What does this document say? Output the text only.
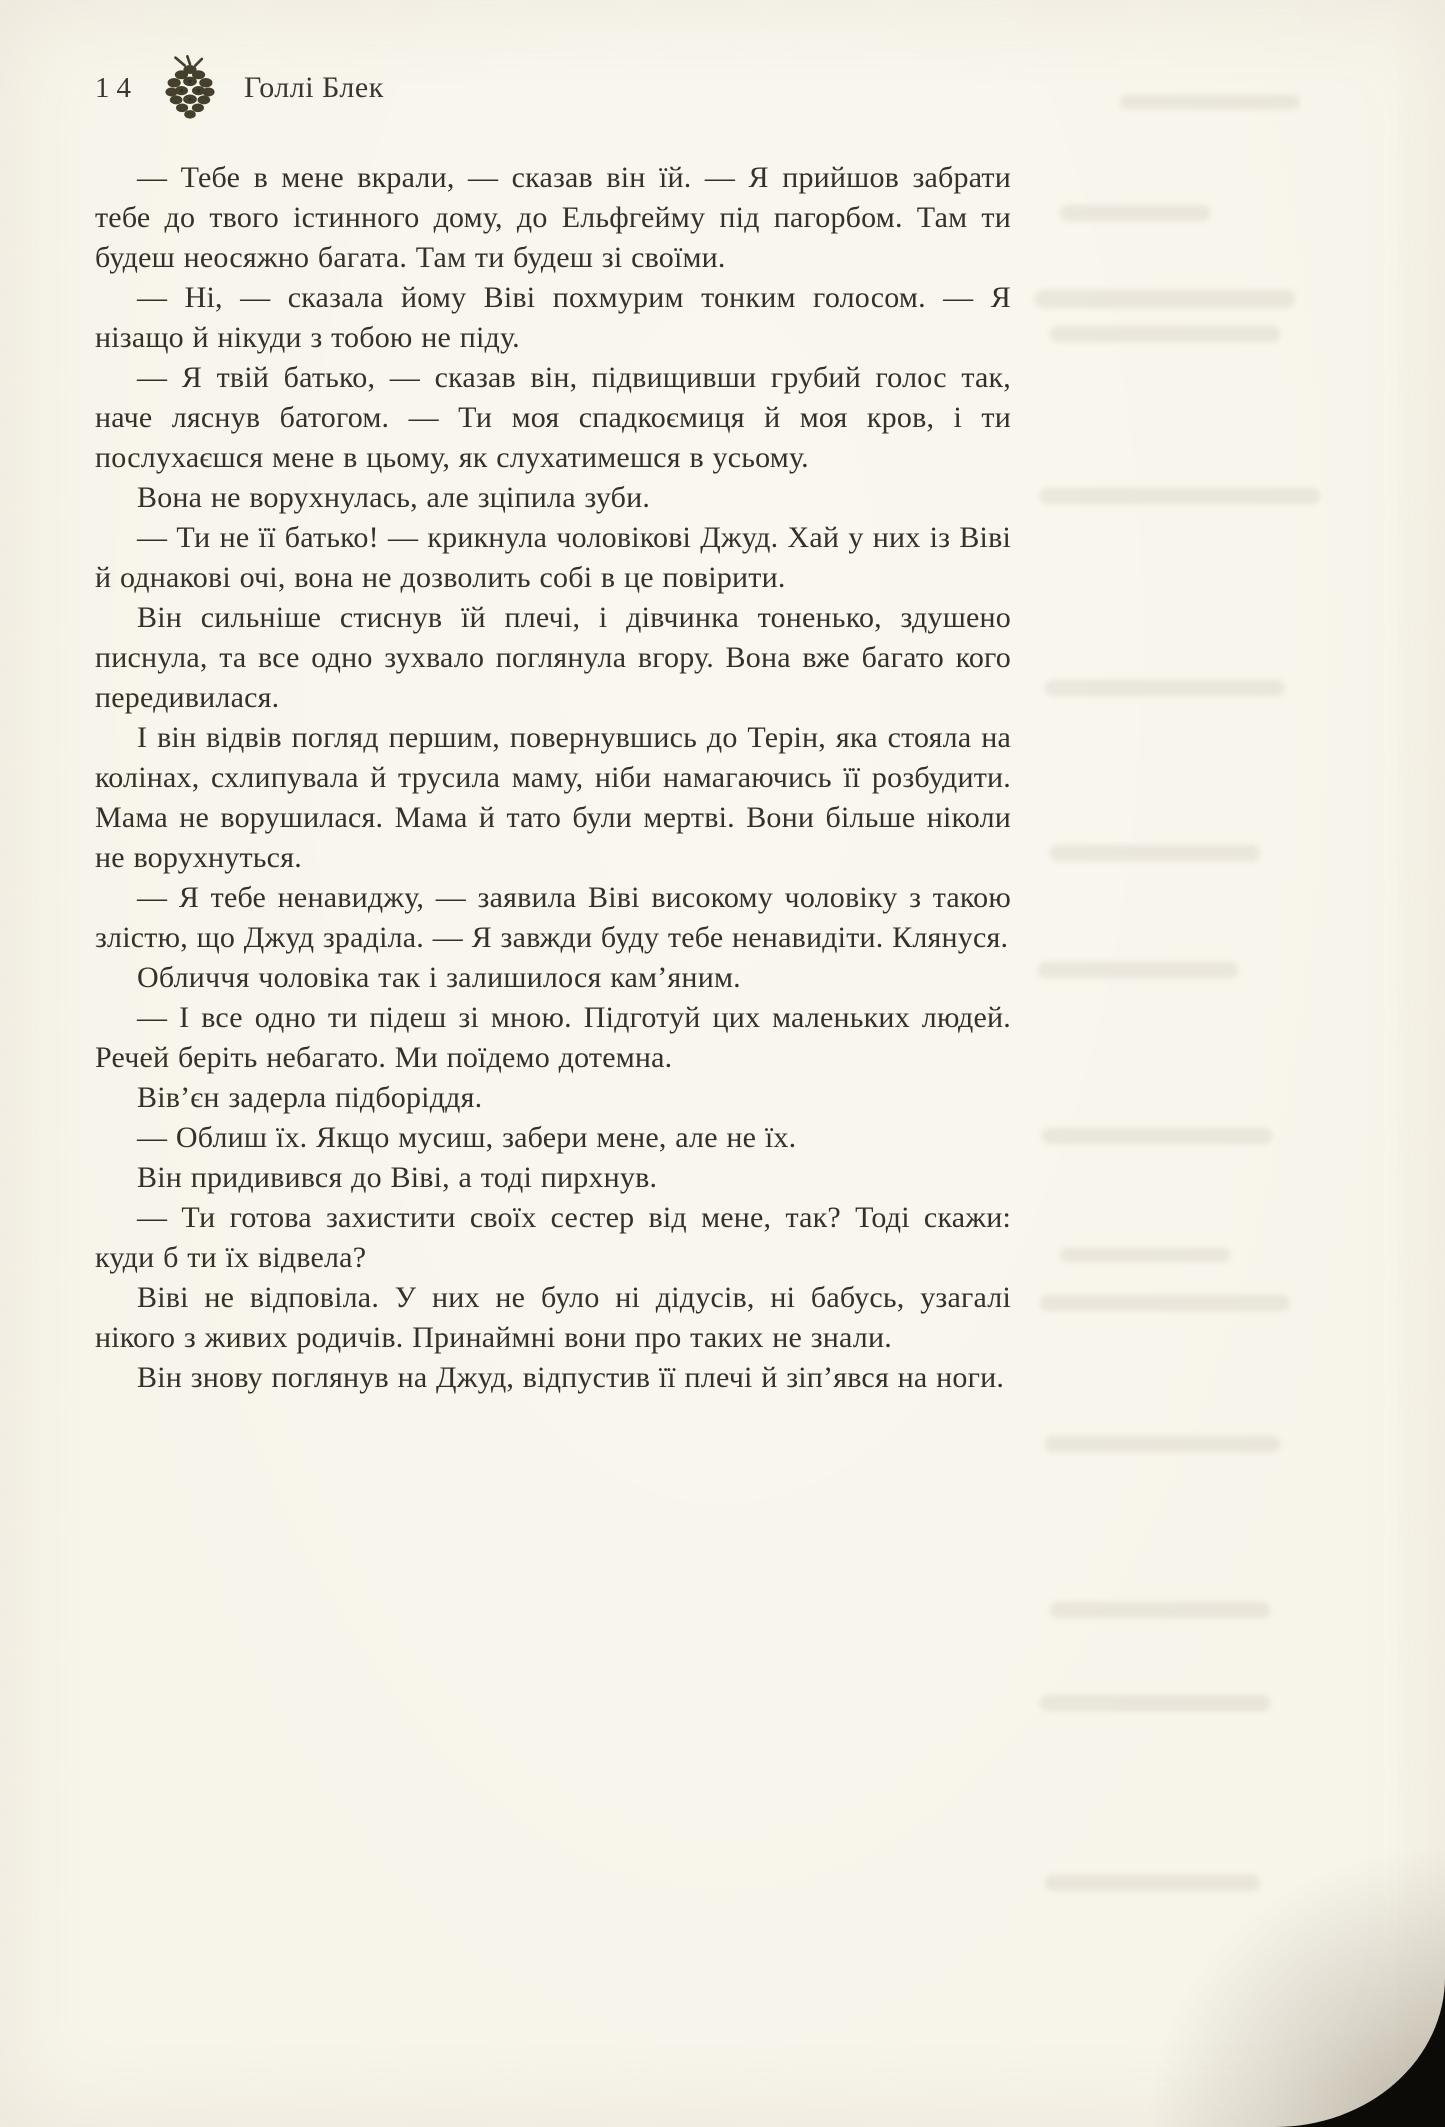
14	Голлі Блек

— Тебе в мене вкрали, — сказав він їй. — Я прийшов забрати тебе до твого істинного дому, до Ельфгейму під пагорбом. Там ти будеш неосяжно багата. Там ти будеш зі своїми.

— Ні, — сказала йому Віві похмурим тонким голосом. — Я нізащо й нікуди з тобою не піду.

— Я твій батько, — сказав він, підвищивши грубий голос так, наче ляснув батогом. — Ти моя спадкоємиця й моя кров, і ти послухаєшся мене в цьому, як слухатимешся в усьому.

Вона не ворухнулась, але зціпила зуби.

— Ти не її батько! — крикнула чоловікові Джуд. Хай у них із Віві й однакові очі, вона не дозволить собі в це повірити.

Він сильніше стиснув їй плечі, і дівчинка тоненько, здушено писнула, та все одно зухвало поглянула вгору. Вона вже багато кого передивилася.

І він відвів погляд першим, повернувшись до Терін, яка стояла на колінах, схлипувала й трусила маму, ніби намагаючись її розбудити. Мама не ворушилася. Мама й тато були мертві. Вони більше ніколи не ворухнуться.

— Я тебе ненавиджу, — заявила Віві високому чоловіку з такою злістю, що Джуд зраділа. — Я завжди буду тебе ненавидіти. Клянуся.

Обличчя чоловіка так і залишилося кам’яним.

— І все одно ти підеш зі мною. Підготуй цих маленьких людей. Речей беріть небагато. Ми поїдемо дотемна.

Вів’єн задерла підборіддя.

— Облиш їх. Якщо мусиш, забери мене, але не їх.

Він придивився до Віві, а тоді пирхнув.

— Ти готова захистити своїх сестер від мене, так? Тоді скажи: куди б ти їх відвела?

Віві не відповіла. У них не було ні дідусів, ні бабусь, узагалі нікого з живих родичів. Принаймні вони про таких не знали.

Він знову поглянув на Джуд, відпустив її плечі й зіп’явся на ноги.
